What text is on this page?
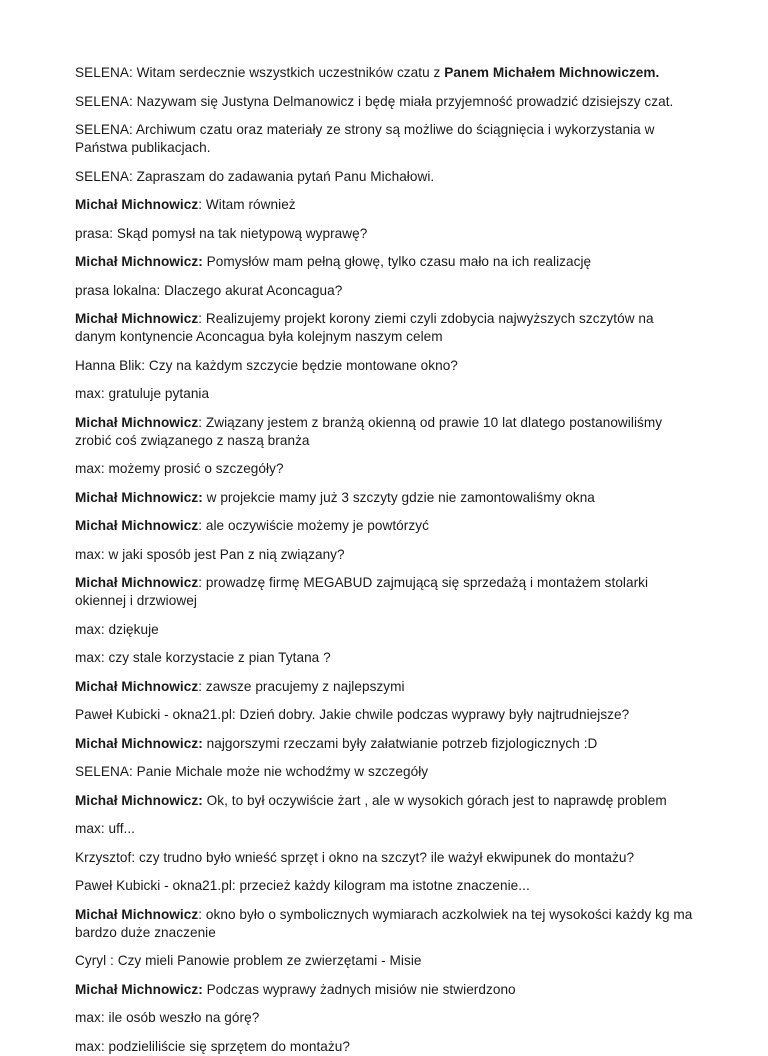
SELENA: Witam serdecznie wszystkich uczestników czatu z Panem Michałem Michnowiczem.

SELENA: Nazywam się Justyna Delmanowicz i będę miała przyjemność prowadzić dzisiejszy czat.

SELENA: Archiwum czatu oraz materiały ze strony są możliwe do ściągnięcia i wykorzystania w Państwa publikacjach.

SELENA: Zapraszam do zadawania pytań Panu Michałowi.

Michał Michnowicz: Witam również

prasa: Skąd pomysł na tak nietypową wyprawę?

Michał Michnowicz: Pomysłów mam pełną głowę, tylko czasu mało na ich realizację

prasa lokalna: Dlaczego akurat Aconcagua?

Michał Michnowicz: Realizujemy projekt korony ziemi czyli zdobycia najwyższych szczytów na danym kontynencie Aconcagua była kolejnym naszym celem

Hanna Blik: Czy na każdym szczycie będzie montowane okno?

max: gratuluje pytania

Michał Michnowicz: Związany jestem z branżą okienną od prawie 10 lat dlatego postanowiliśmy zrobić coś związanego z naszą branża

max: możemy prosić o szczegóły?

Michał Michnowicz: w projekcie mamy już 3 szczyty gdzie nie zamontowaliśmy okna

Michał Michnowicz: ale oczywiście możemy je powtórzyć

max: w jaki sposób jest Pan z nią związany?

Michał Michnowicz: prowadzę firmę MEGABUD zajmującą się sprzedażą i montażem stolarki okiennej i drzwiowej

max: dziękuje

max: czy stale korzystacie z pian Tytana ?

Michał Michnowicz: zawsze pracujemy z najlepszymi

Paweł Kubicki - okna21.pl: Dzień dobry. Jakie chwile podczas wyprawy były najtrudniejsze?

Michał Michnowicz: najgorszymi rzeczami były załatwianie potrzeb fizjologicznych :D

SELENA: Panie Michale może nie wchodźmy w szczegóły

Michał Michnowicz: Ok, to był oczywiście żart , ale w wysokich górach jest to naprawdę problem

max: uff...

Krzysztof: czy trudno było wnieść sprzęt i okno na szczyt? ile ważył ekwipunek do montażu?

Paweł Kubicki - okna21.pl: przecież każdy kilogram ma istotne znaczenie...

Michał Michnowicz: okno było o symbolicznych wymiarach aczkolwiek na tej wysokości każdy kg ma bardzo duże znaczenie

Cyryl : Czy mieli Panowie problem ze zwierzętami - Misie

Michał Michnowicz: Podczas wyprawy żadnych misiów nie stwierdzono

max: ile osób weszło na górę?

max: podzieliliście się sprzętem do montażu?
